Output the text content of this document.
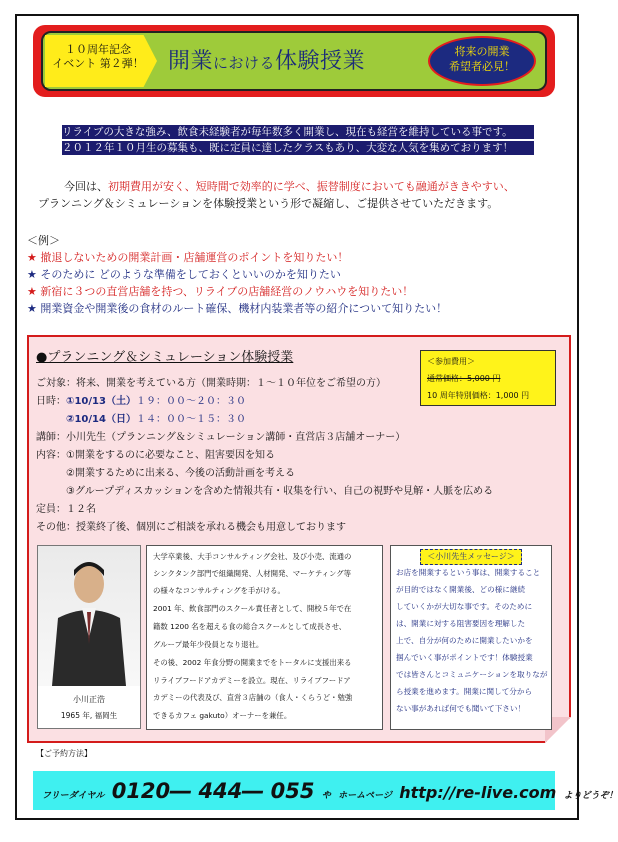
１０周年記念
イベント 第２弾！ 開業における体験授業	将来の開業
希望者必見！
リライブの大きな強み、飲食未経験者が毎年数多く開業し、現在も経営を維持している事です。
２０１２年１０月生の募集も、既に定員に達したクラスもあり、大変な人気を集めております！
今回は、初期費用が安く、短時間で効率的に学べ、振替制度においても融通がききやすい、
プランニング＆シミュレーションを体験授業という形で凝縮し、ご提供させていただきます。
＜例＞
★ 撤退しないための開業計画・店舗運営のポイントを知りたい！
★ そのために どのような準備をしておくといいのかを知りたい
★ 新宿に３つの直営店舗を持つ、リライブの店舗経営のノウハウを知りたい！
★ 開業資金や開業後の食材のルート確保、機材内装業者等の紹介について知りたい！
●プランニング＆シミュレーション体験授業	＜参加費用＞
通常価格：5,000 円
10 周年特別価格：1,000 円
ご対象：将来、開業を考えている方（開業時期：１〜１０年位をご希望の方）
日時：①10/13（土）１９：００〜２０：３０
②10/14（日）１４：００〜１５：３０
講師：小川先生（プランニング＆シミュレーション講師・直営店３店舗オーナー）
内容：①開業をするのに必要なこと、阻害要因を知る
②開業するために出来る、今後の活動計画を考える
③グループディスカッションを含めた情報共有・収集を行い、自己の視野や見解・人脈を広める
定員：１２名
その他：授業終了後、個別にご相談を承れる機会も用意しております
小川正浩
1965 年, 福岡生
大学卒業後、大手コンサルティング会社、及び小売、流通の
シンクタンク部門で組織開発、人材開発、マーケティング等
の様々なコンサルティングを手がける。
2001 年、飲食部門のスクール責任者として、開校５年で在
籍数 1200 名を超える食の総合スクールとして成長させ、
グループ最年少役員となり退社。
その後、2002 年食分野の開業までをトータルに支援出来る
リライブフードアカデミーを設立。現在、リライブフードア
カデミーの代表及び、直営３店舗の（食人・くらうど・勉強
できるカフェ gakuto）オーナーを兼任。
＜小川先生メッセージ＞
お店を開業するという事は、開業すること
が目的ではなく開業後、どの様に継続
していくかが大切な事です。そのために
は、開業に対する阻害要因を理解した
上で、自分が何のために開業したいかを
掴んでいく事がポイントです！体験授業
では皆さんとコミュニケーションを取りなが
ら授業を進めます。開業に関して分から
ない事があれば何でも聞いて下さい！
【ご予約方法】
フリーダイヤル 0120― 444― 055 や ホームページ http://re-live.com よりどうぞ！
